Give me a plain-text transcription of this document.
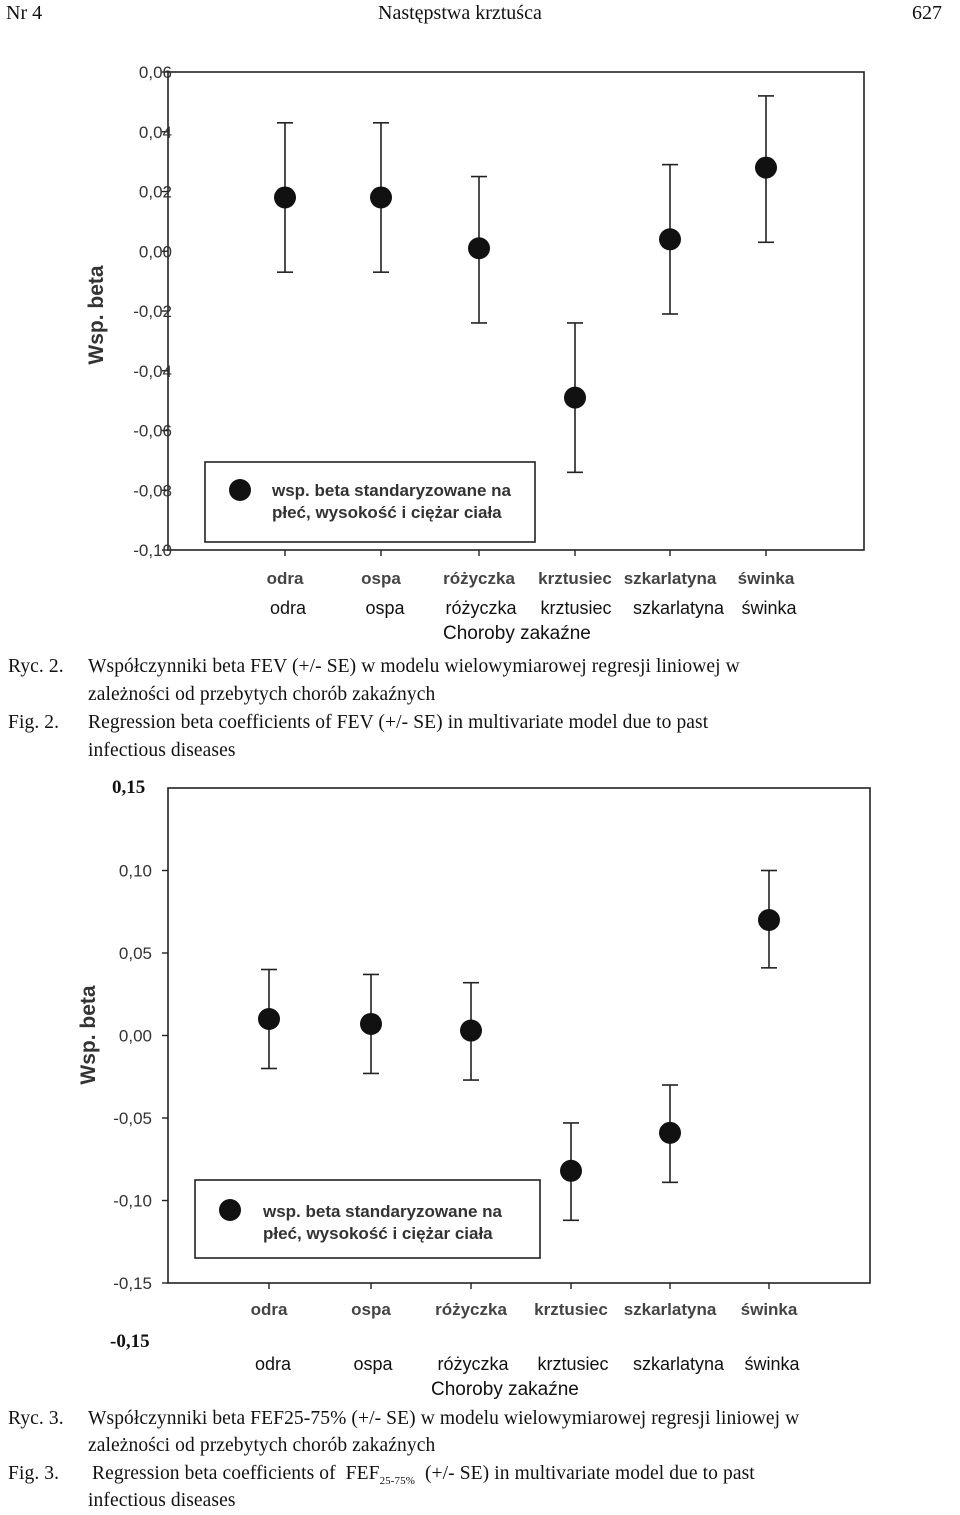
Nr 4	Następstwa krztuśca	627
0,06
0,04
0,02
0,00
-0,02
-0,04
-0,06
-0,08
-0,10
Wsp. beta
odra	ospa różyczka krztusiec szkarlatyna świnka
wsp. beta standaryzowane na
płeć, wysokość i ciężar ciała
odra	ospa	różyczka krztusiec szkarlatyna świnka
Choroby zakaźne
Ryc. 2. Współczynniki beta FEV (+/- SE) w modelu wielowymiarowej regresji liniowej w
zależności od przebytych chorób zakaźnych
Fig. 2. Regression beta coefficients of FEV (+/- SE) in multivariate model due to past
infectious diseases
0,10
0,05
0,00
-0,05
-0,10
-0,15
Wsp. beta
odra	ospa	różyczka krztusiec szkarlatyna świnka
wsp. beta standaryzowane na
płeć, wysokość i ciężar ciała
0,15
-0,15
odra	ospa	różyczka krztusiec szkarlatyna	świnka
Choroby zakaźne
Ryc. 3. Współczynniki beta FEF25-75% (+/- SE) w modelu wielowymiarowej regresji liniowej w
zależności od przebytych chorób zakaźnych
Fig. 3. Regression beta coefficients of $FEF_{25-75\%}$ (+/- SE) in multivariate model due to past
infectious diseases
